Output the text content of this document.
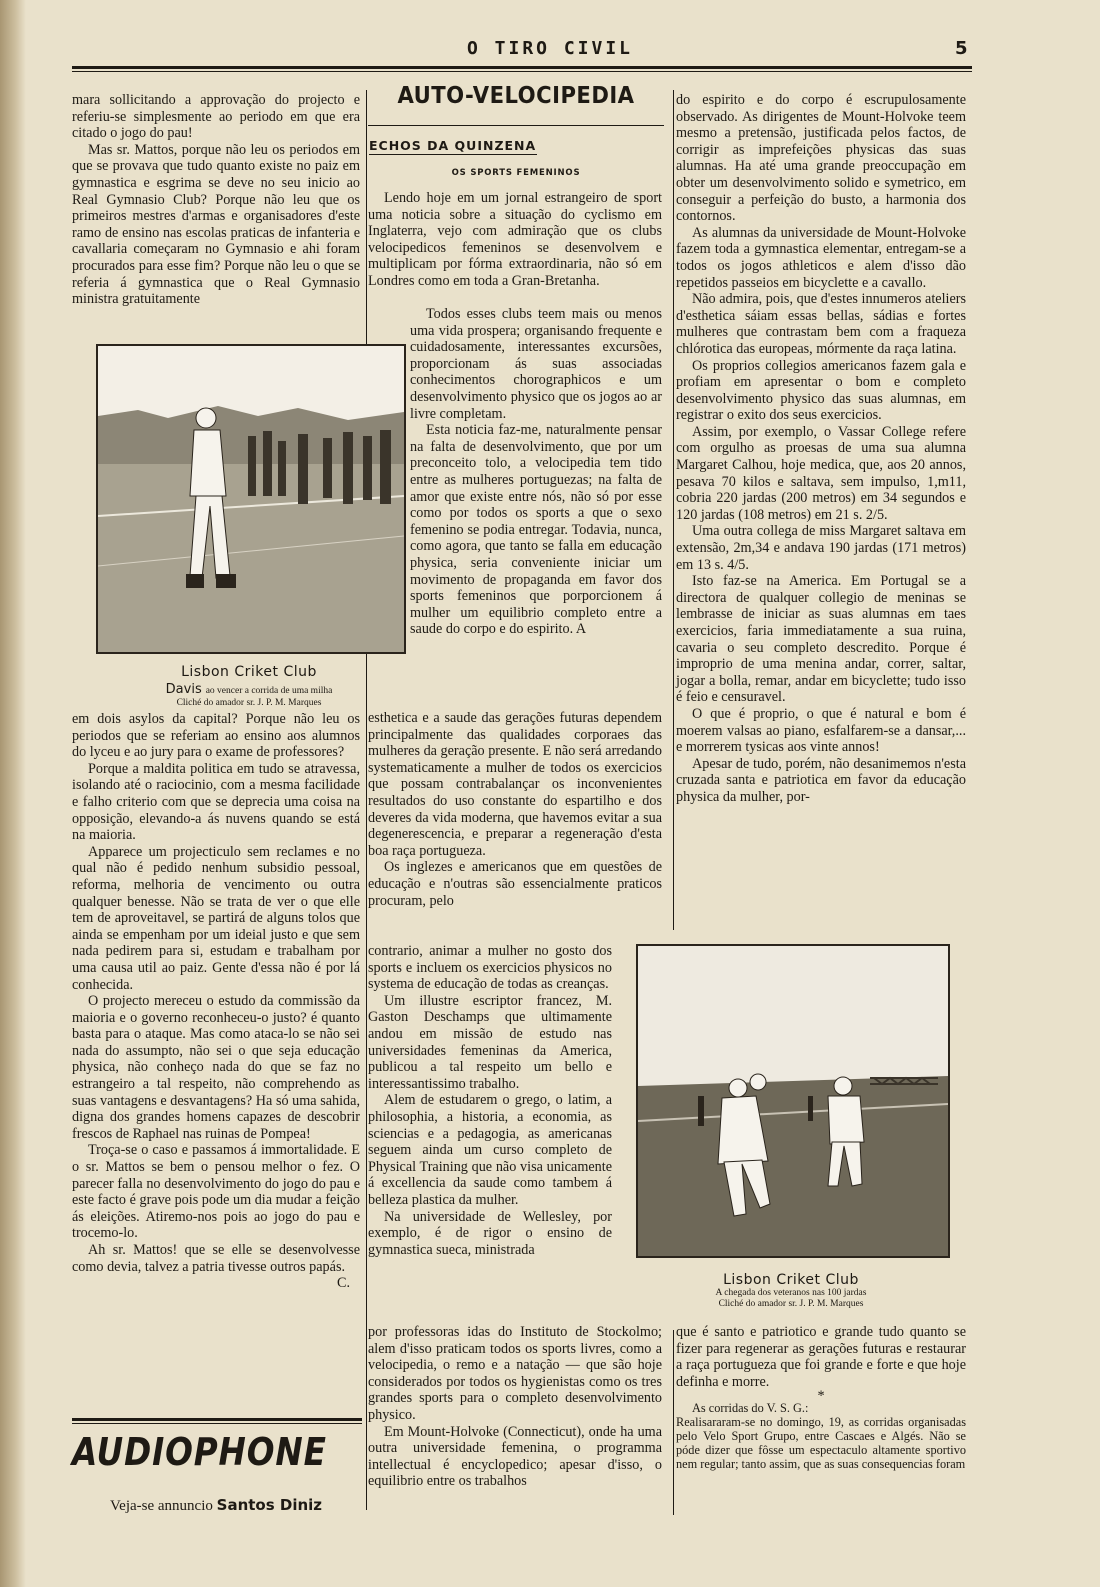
O TIRO CIVIL	5

mara sollicitando a approvação do projecto e referiu-se simplesmente ao periodo em que era citado o jogo do pau!

Mas sr. Mattos, porque não leu os periodos em que se provava que tudo quanto existe no paiz em gymnastica e esgrima se deve no seu inicio ao Real Gymnasio Club? Porque não leu que os primeiros mestres d'armas e organisadores d'este ramo de ensino nas escolas praticas de infanteria e cavallaria começaram no Gymnasio e ahi foram procurados para esse fim? Porque não leu o que se referia á gymnastica que o Real Gymnasio ministra gratuitamente

Lisbon Criket Club
Davis ao vencer a corrida de uma milha
Cliché do amador sr. J. P. M. Marques

em dois asylos da capital? Porque não leu os periodos que se referiam ao ensino aos alumnos do lyceu e ao jury para o exame de professores?

Porque a maldita politica em tudo se atravessa, isolando até o raciocinio, com a mesma facilidade e falho criterio com que se deprecia uma coisa na opposição, elevando-a ás nuvens quando se está na maioria.

Apparece um projecticulo sem reclames e no qual não é pedido nenhum subsidio pessoal, reforma, melhoria de vencimento ou outra qualquer benesse. Não se trata de ver o que elle tem de aproveitavel, se partirá de alguns tolos que ainda se empenham por um ideial justo e que sem nada pedirem para si, estudam e trabalham por uma causa util ao paiz. Gente d'essa não é por lá conhecida.

O projecto mereceu o estudo da commissão da maioria e o governo reconheceu-o justo? é quanto basta para o ataque. Mas como ataca-lo se não sei nada do assumpto, não sei o que seja educação physica, não conheço nada do que se faz no estrangeiro a tal respeito, não comprehendo as suas vantagens e desvantagens? Ha só uma sahida, digna dos grandes homens capazes de descobrir frescos de Raphael nas ruinas de Pompea!

Troça-se o caso e passamos á immortalidade. E o sr. Mattos se bem o pensou melhor o fez. O parecer falla no desenvolvimento do jogo do pau e este facto é grave pois pode um dia mudar a feição ás eleições. Atiremo-nos pois ao jogo do pau e trocemo-lo.

Ah sr. Mattos! que se elle se desenvolvesse como devia, talvez a patria tivesse outros papás.

C.
AUDIOPHONE
Veja-se annuncio Santos Diniz
AUTO-VELOCIPEDIA
ECHOS DA QUINZENA
OS SPORTS FEMENINOS

Lendo hoje em um jornal estrangeiro de sport uma noticia sobre a situação do cyclismo em Inglaterra, vejo com admiração que os clubs velocipedicos femeninos se desenvolvem e multiplicam por fórma extraordinaria, não só em Londres como em toda a Gran-Bretanha.

Todos esses clubs teem mais ou menos uma vida prospera; organisando frequente e cuidadosamente, interessantes excursões, proporcionam ás suas associadas conhecimentos chorographicos e um desenvolvimento physico que os jogos ao ar livre completam.

Esta noticia faz-me, naturalmente pensar na falta de desenvolvimento, que por um preconceito tolo, a velocipedia tem tido entre as mulheres portuguezas; na falta de amor que existe entre nós, não só por esse como por todos os sports a que o sexo femenino se podia entregar. Todavia, nunca, como agora, que tanto se falla em educação physica, seria conveniente iniciar um movimento de propaganda em favor dos sports femeninos que porporcionem á mulher um equilibrio completo entre a saude do corpo e do espirito. A

esthetica e a saude das gerações futuras dependem principalmente das qualidades corporaes das mulheres da geração presente. E não será arredando systematicamente a mulher de todos os exercicios que possam contrabalançar os inconvenientes resultados do uso constante do espartilho e dos deveres da vida moderna, que havemos evitar a sua degenerescencia, e preparar a regeneração d'esta boa raça portugueza.

Os inglezes e americanos que em questões de educação e n'outras são essencialmente praticos procuram, pelo

contrario, animar a mulher no gosto dos sports e incluem os exercicios physicos no systema de educação de todas as creanças.

Um illustre escriptor francez, M. Gaston Deschamps que ultimamente andou em missão de estudo nas universidades femeninas da America, publicou a tal respeito um bello e interessantissimo trabalho.

Alem de estudarem o grego, o latim, a philosophia, a historia, a economia, as sciencias e a pedagogia, as americanas seguem ainda um curso completo de Physical Training que não visa unicamente á excellencia da saude como tambem á belleza plastica da mulher.

Na universidade de Wellesley, por exemplo, é de rigor o ensino de gymnastica sueca, ministrada

por professoras idas do Instituto de Stockolmo; alem d'isso praticam todos os sports livres, como a velocipedia, o remo e a natação — que são hoje considerados por todos os hygienistas como os tres grandes sports para o completo desenvolvimento physico.

Em Mount-Holvoke (Connecticut), onde ha uma outra universidade femenina, o programma intellectual é encyclopedico; apesar d'isso, o equilibrio entre os trabalhos

do espirito e do corpo é escrupulosamente observado. As dirigentes de Mount-Holvoke teem mesmo a pretensão, justificada pelos factos, de corrigir as imprefeições physicas das suas alumnas. Ha até uma grande preoccupação em obter um desenvolvimento solido e symetrico, em conseguir a perfeição do busto, a harmonia dos contornos.

As alumnas da universidade de Mount-Holvoke fazem toda a gymnastica elementar, entregam-se a todos os jogos athleticos e alem d'isso dão repetidos passeios em bicyclette e a cavallo.

Não admira, pois, que d'estes innumeros ateliers d'esthetica sáiam essas bellas, sádias e fortes mulheres que contrastam bem com a fraqueza chlórotica das europeas, mórmente da raça latina.

Os proprios collegios americanos fazem gala e profiam em apresentar o bom e completo desenvolvimento physico das suas alumnas, em registrar o exito dos seus exercicios.

Assim, por exemplo, o Vassar College refere com orgulho as proesas de uma sua alumna Margaret Calhou, hoje medica, que, aos 20 annos, pesava 70 kilos e saltava, sem impulso, 1,m11, cobria 220 jardas (200 metros) em 34 segundos e 120 jardas (108 metros) em 21 s. 2/5.

Uma outra collega de miss Margaret saltava em extensão, 2m,34 e andava 190 jardas (171 metros) em 13 s. 4/5.

Isto faz-se na America. Em Portugal se a directora de qualquer collegio de meninas se lembrasse de iniciar as suas alumnas em taes exercicios, faria immediatamente a sua ruina, cavaria o seu completo descredito. Porque é improprio de uma menina andar, correr, saltar, jogar a bolla, remar, andar em bicyclette; tudo isso é feio e censuravel.

O que é proprio, o que é natural e bom é moerem valsas ao piano, esfalfarem-se a dansar,... e morrerem tysicas aos vinte annos!

Apesar de tudo, porém, não desanimemos n'esta cruzada santa e patriotica em favor da educação physica da mulher, por-

Lisbon Criket Club
A chegada dos veteranos nas 100 jardas
Cliché do amador sr. J. P. M. Marques

que é santo e patriotico e grande tudo quanto se fizer para regenerar as gerações futuras e restaurar a raça portugueza que foi grande e forte e que hoje definha e morre.

*

As corridas do V. S. G.:

Realisararam-se no domingo, 19, as corridas organisadas pelo Velo Sport Grupo, entre Cascaes e Algés. Não se póde dizer que fôsse um espectaculo altamente sportivo nem regular; tanto assim, que as suas consequencias foram
